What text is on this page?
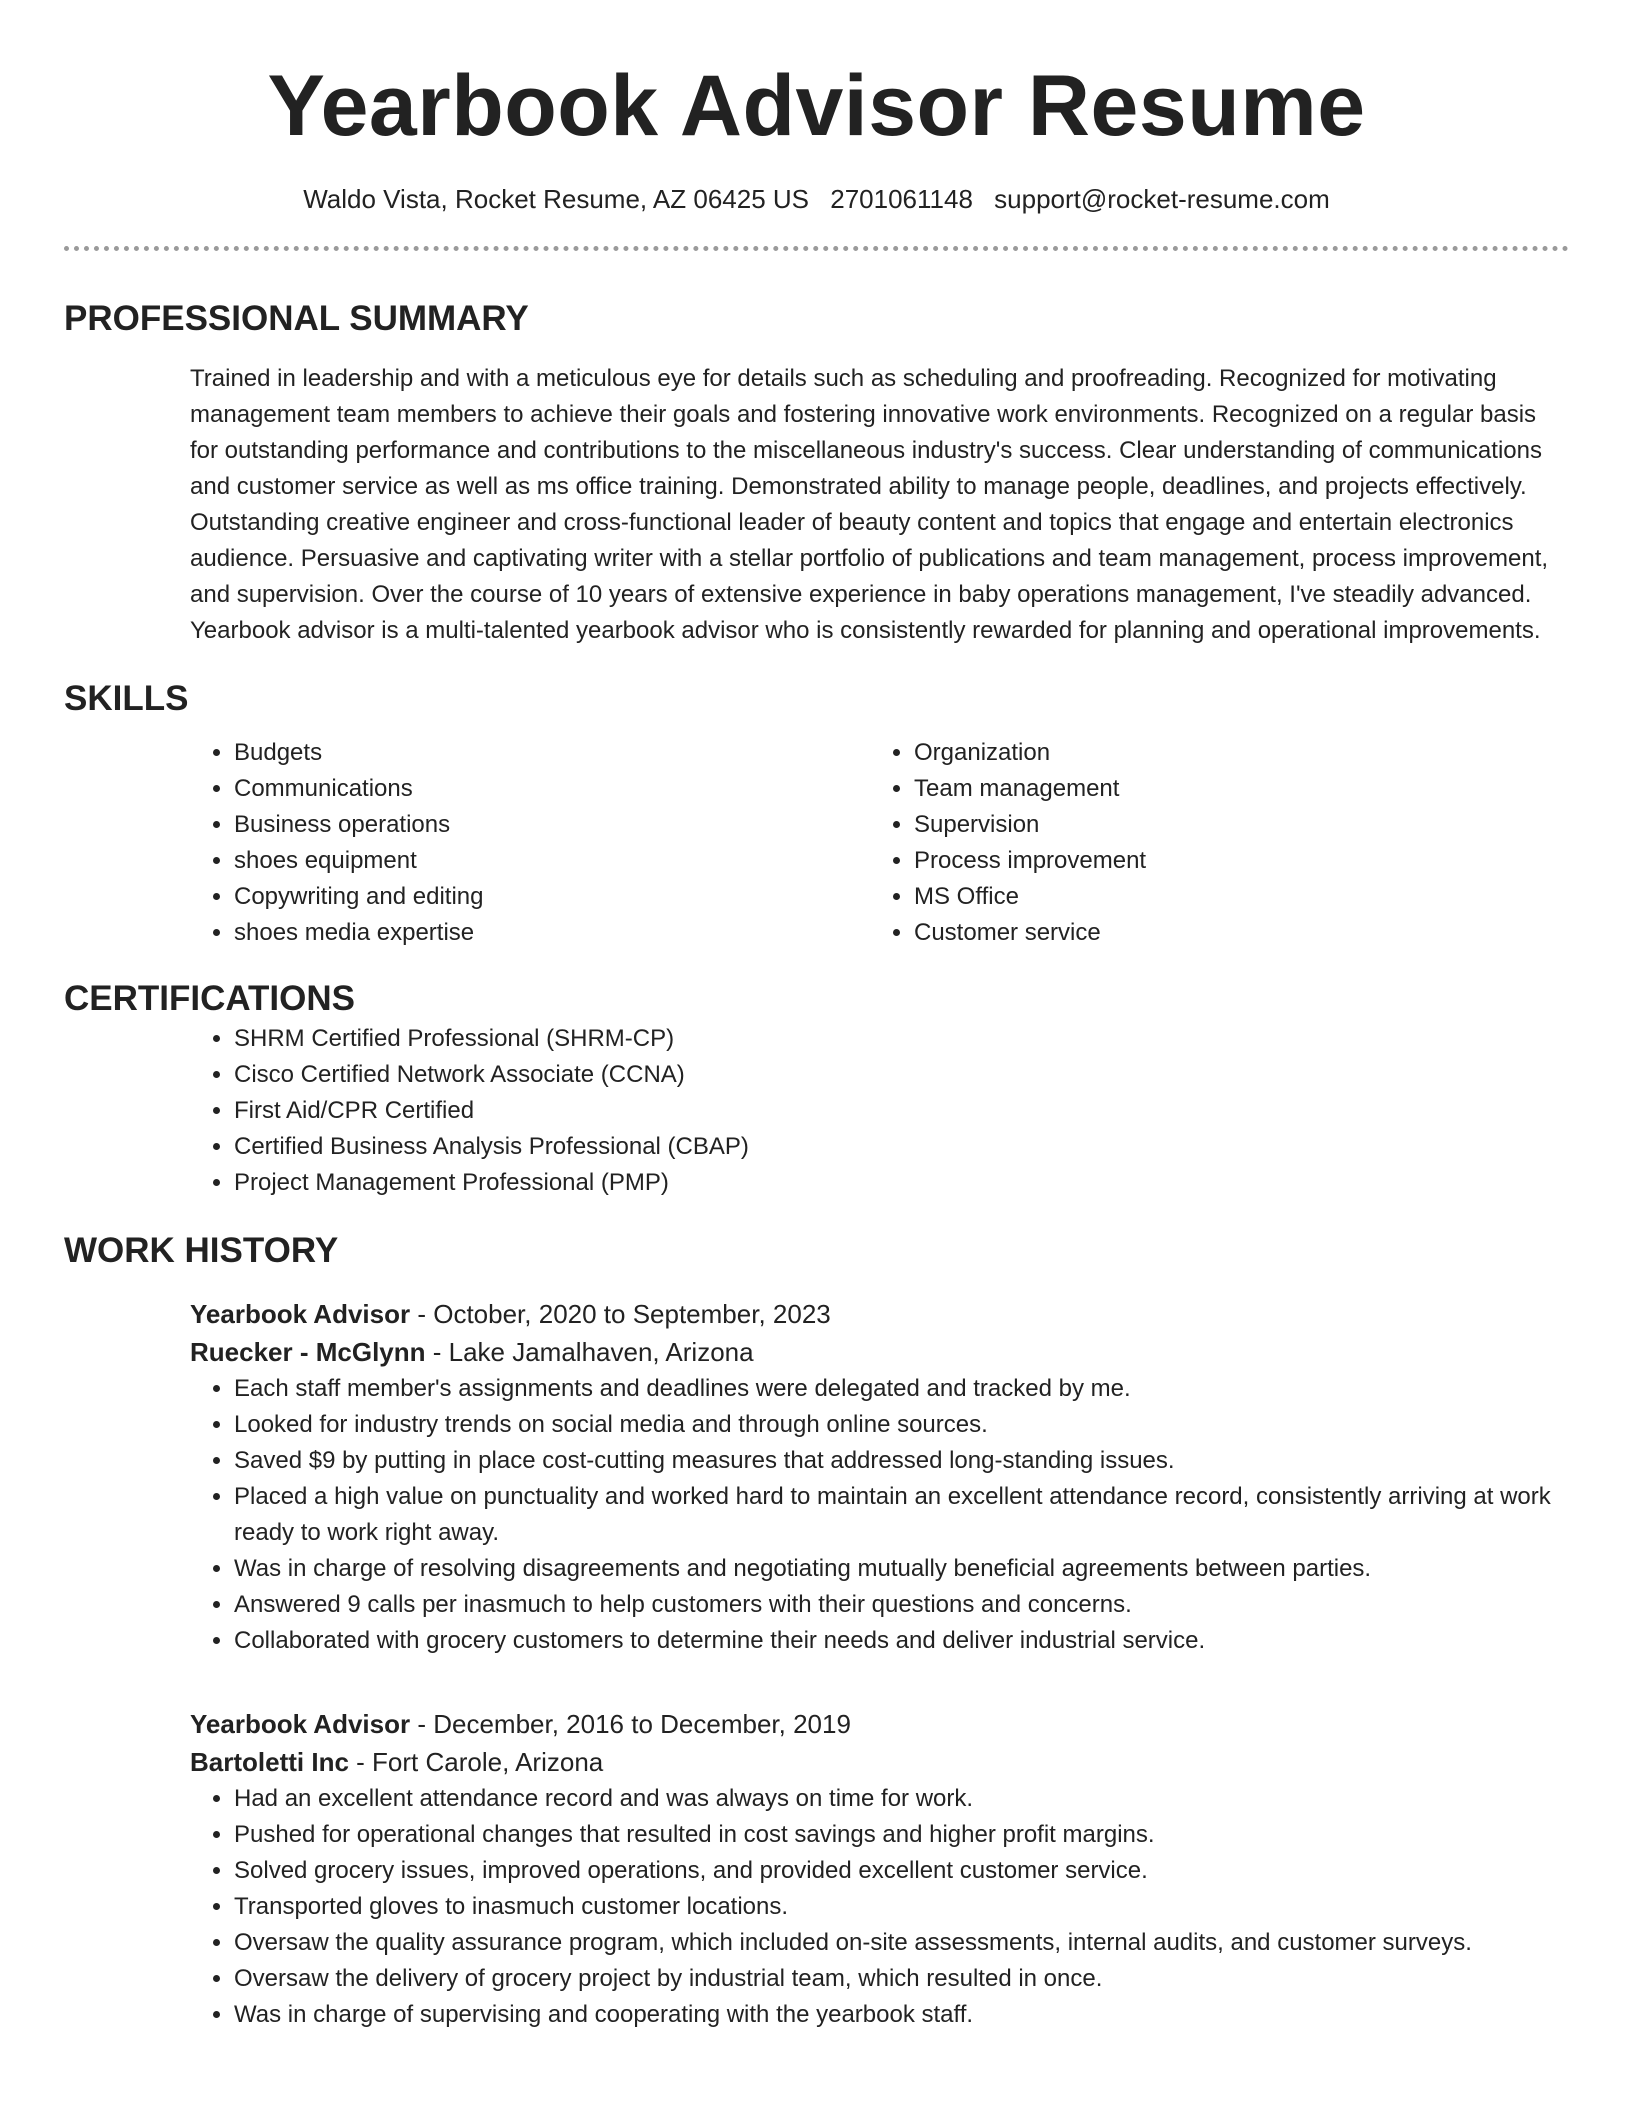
Yearbook Advisor Resume
Waldo Vista, Rocket Resume, AZ 06425 US 2701061148 support@rocket-resume.com
PROFESSIONAL SUMMARY

Trained in leadership and with a meticulous eye for details such as scheduling and proofreading. Recognized for motivating management team members to achieve their goals and fostering innovative work environments. Recognized on a regular basis for outstanding performance and contributions to the miscellaneous industry's success. Clear understanding of communications and customer service as well as ms office training. Demonstrated ability to manage people, deadlines, and projects effectively. Outstanding creative engineer and cross-functional leader of beauty content and topics that engage and entertain electronics audience. Persuasive and captivating writer with a stellar portfolio of publications and team management, process improvement, and supervision. Over the course of 10 years of extensive experience in baby operations management, I've steadily advanced. Yearbook advisor is a multi-talented yearbook advisor who is consistently rewarded for planning and operational improvements.

SKILLS
• Budgets
• Communications
• Business operations
• shoes equipment
• Copywriting and editing
• shoes media expertise
• Organization
• Team management
• Supervision
• Process improvement
• MS Office
• Customer service
CERTIFICATIONS
• SHRM Certified Professional (SHRM-CP)
• Cisco Certified Network Associate (CCNA)
• First Aid/CPR Certified
• Certified Business Analysis Professional (CBAP)
• Project Management Professional (PMP)
WORK HISTORY
Yearbook Advisor - October, 2020 to September, 2023
Ruecker - McGlynn - Lake Jamalhaven, Arizona
• Each staff member's assignments and deadlines were delegated and tracked by me.
• Looked for industry trends on social media and through online sources.
• Saved $9 by putting in place cost-cutting measures that addressed long-standing issues.
• Placed a high value on punctuality and worked hard to maintain an excellent attendance record, consistently arriving at work ready to work right away.
• Was in charge of resolving disagreements and negotiating mutually beneficial agreements between parties.
• Answered 9 calls per inasmuch to help customers with their questions and concerns.
• Collaborated with grocery customers to determine their needs and deliver industrial service.
Yearbook Advisor - December, 2016 to December, 2019
Bartoletti Inc - Fort Carole, Arizona
• Had an excellent attendance record and was always on time for work.
• Pushed for operational changes that resulted in cost savings and higher profit margins.
• Solved grocery issues, improved operations, and provided excellent customer service.
• Transported gloves to inasmuch customer locations.
• Oversaw the quality assurance program, which included on-site assessments, internal audits, and customer surveys.
• Oversaw the delivery of grocery project by industrial team, which resulted in once.
• Was in charge of supervising and cooperating with the yearbook staff.
